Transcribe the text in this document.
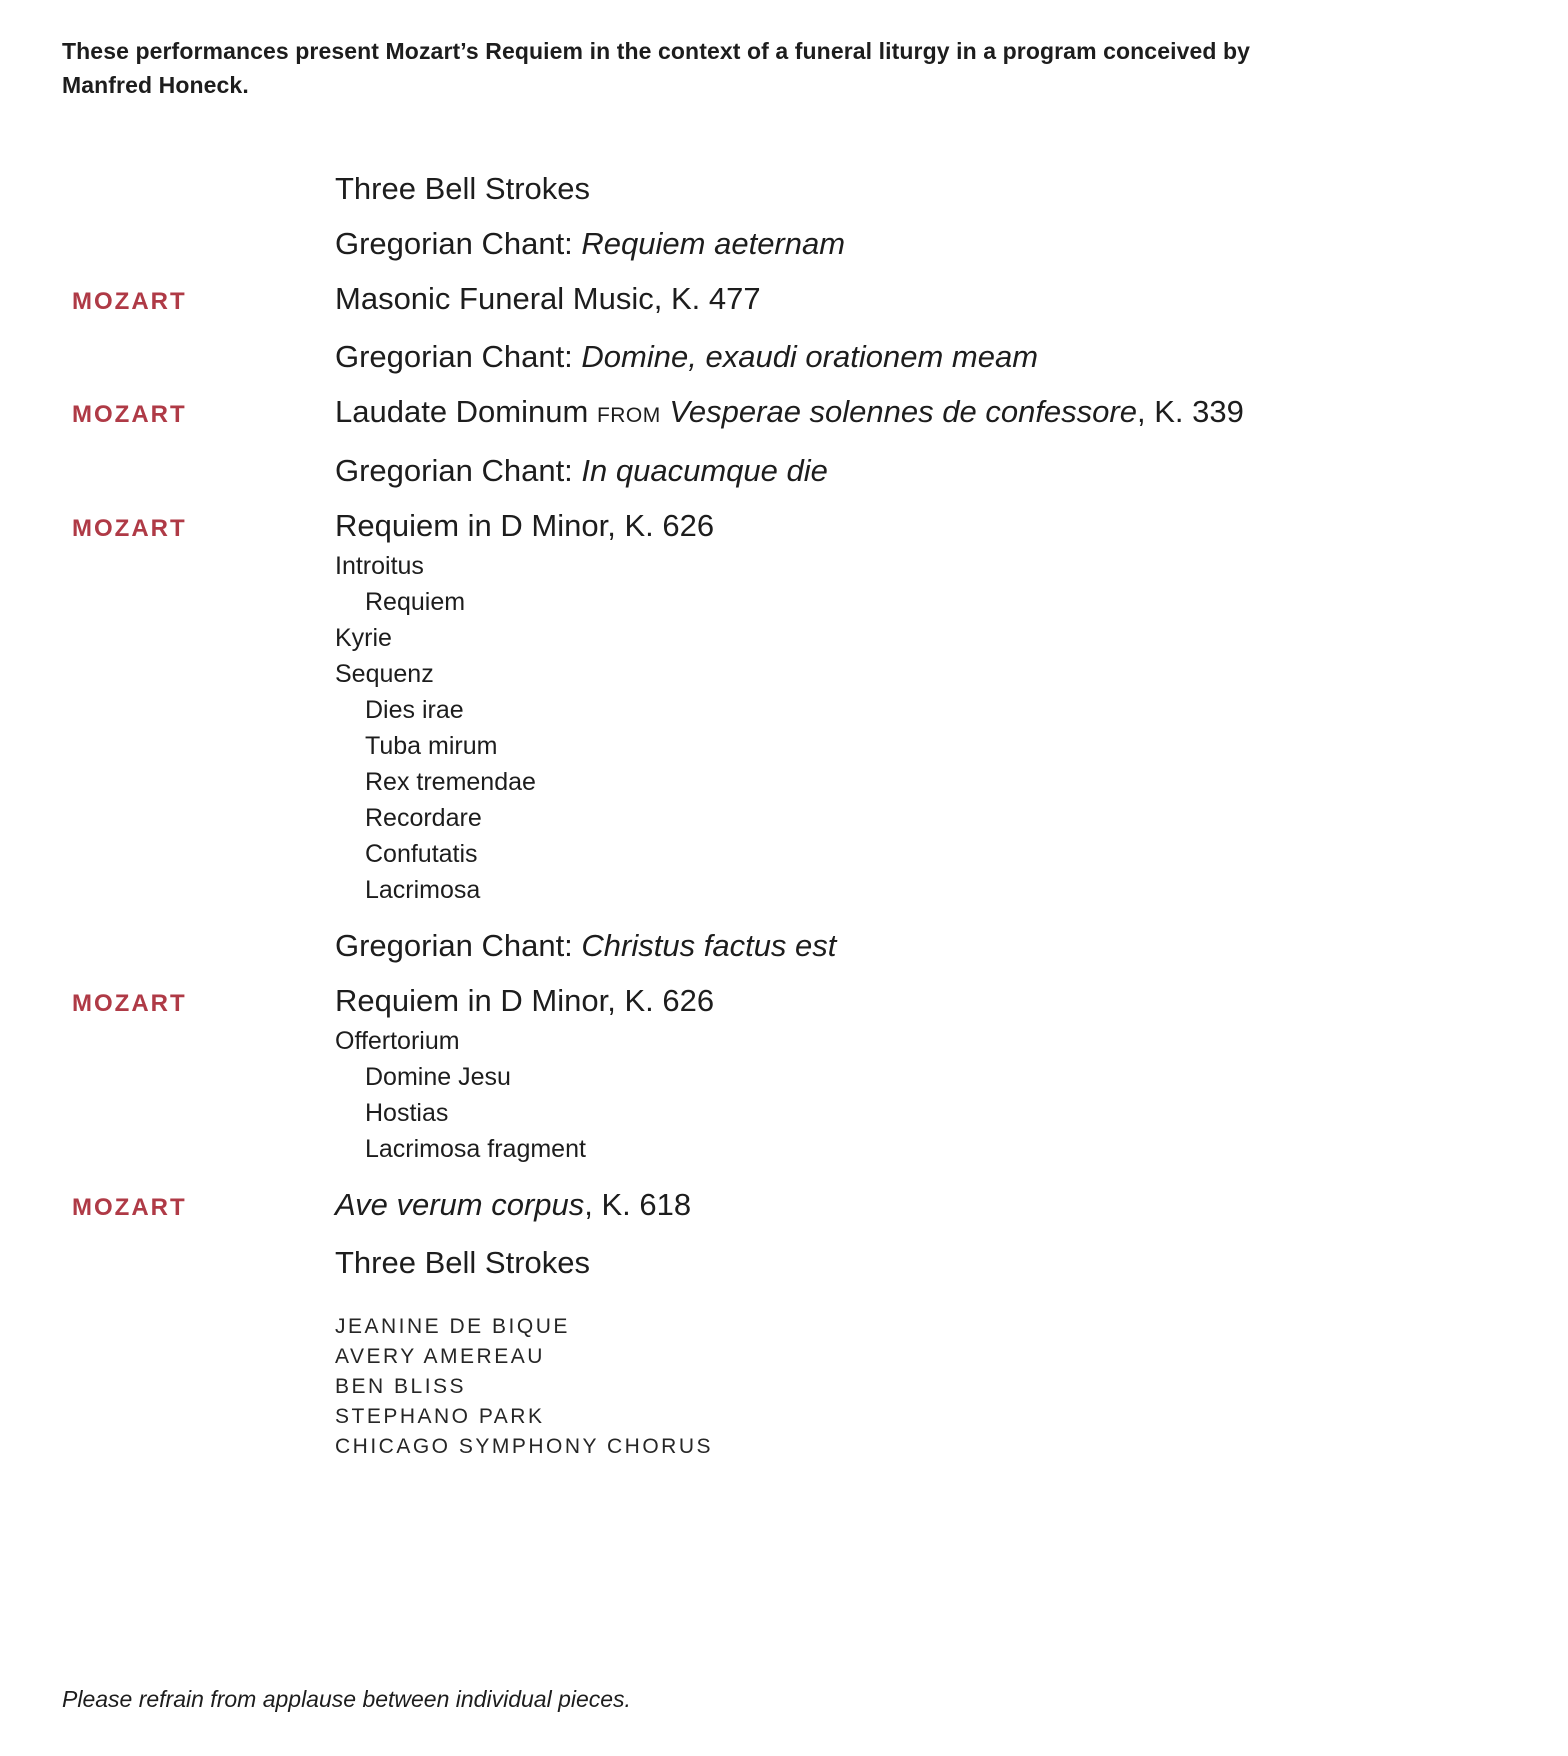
These performances present Mozart’s Requiem in the context of a funeral liturgy in a program conceived by Manfred Honeck.
Three Bell Strokes
Gregorian Chant: Requiem aeternam
MOZART	Masonic Funeral Music, K. 477
Gregorian Chant: Domine, exaudi orationem meam
MOZART	Laudate Dominum FROM Vesperae solennes de confessore, K. 339
Gregorian Chant: In quacumque die
MOZART	Requiem in D Minor, K. 626
Introitus
Requiem
Kyrie
Sequenz
Dies irae
Tuba mirum
Rex tremendae
Recordare
Confutatis
Lacrimosa
Gregorian Chant: Christus factus est
MOZART	Requiem in D Minor, K. 626
Offertorium
Domine Jesu
Hostias
Lacrimosa fragment
MOZART	Ave verum corpus, K. 618
Three Bell Strokes
JEANINE DE BIQUE
AVERY AMEREAU
BEN BLISS
STEPHANO PARK
CHICAGO SYMPHONY CHORUS
Please refrain from applause between individual pieces.
